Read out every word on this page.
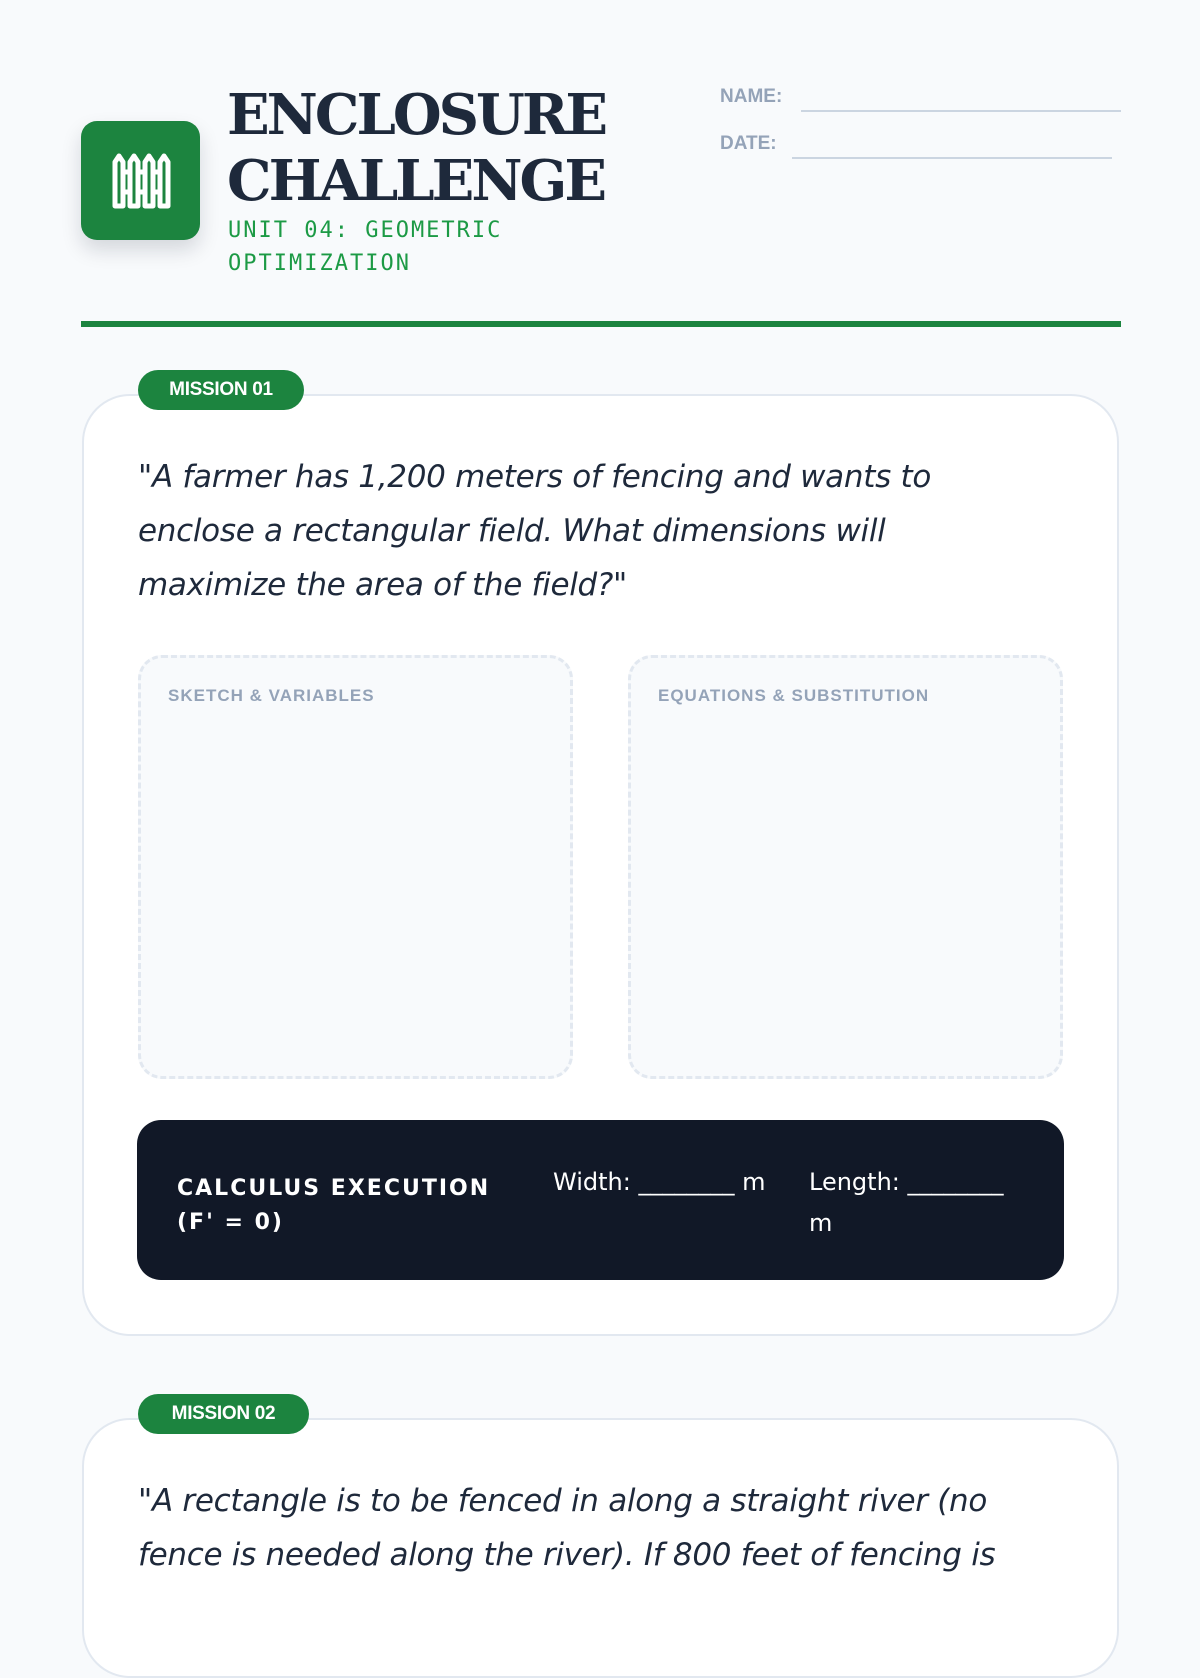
ENCLOSURE CHALLENGE
UNIT 04: GEOMETRIC OPTIMIZATION
NAME:
DATE:
MISSION 01

"A farmer has 1,200 meters of fencing and wants to enclose a rectangular field. What dimensions will maximize the area of the field?"

SKETCH & VARIABLES	EQUATIONS & SUBSTITUTION
CALCULUS EXECUTION (F' = 0)
Width: ________ m Length: ________ m
MISSION 02

"A rectangle is to be fenced in along a straight river (no fence is needed along the river). If 800 feet of fencing is
